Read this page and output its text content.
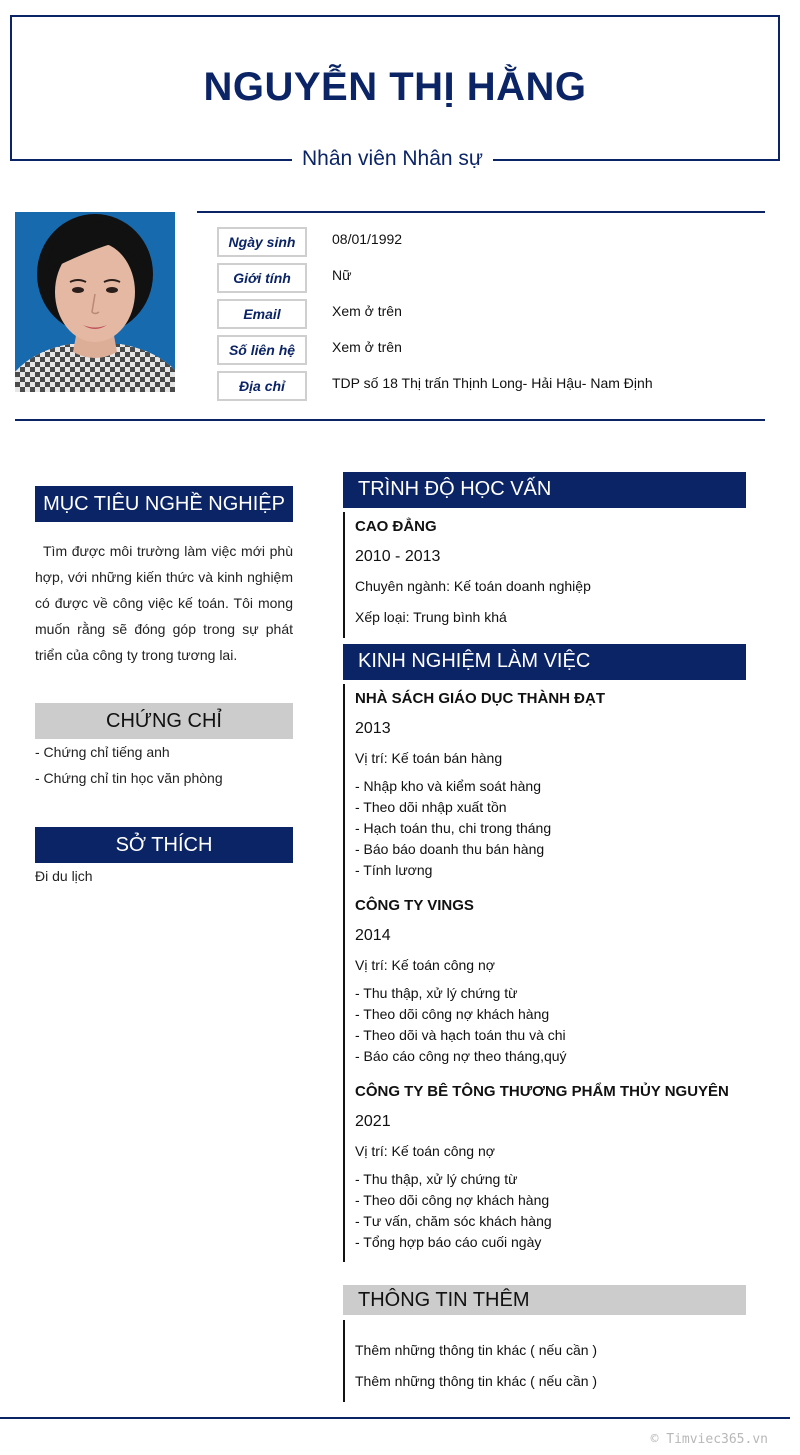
NGUYỄN THỊ HẰNG
Nhân viên Nhân sự
Ngày sinh	08/01/1992
Giới tính	Nữ
Email	Xem ở trên
Số liên hệ	Xem ở trên
Địa chỉ	TDP số 18 Thị trấn Thịnh Long- Hải Hậu- Nam Định
MỤC TIÊU NGHỀ NGHIỆP
Tìm được môi trường làm việc mới phù hợp, với những kiến thức và kinh nghiệm có được về công việc kế toán. Tôi mong muốn rằng sẽ đóng góp trong sự phát triển của công ty trong tương lai.
CHỨNG CHỈ
- Chứng chỉ tiếng anh
- Chứng chỉ tin học văn phòng
SỞ THÍCH
Đi du lịch
TRÌNH ĐỘ HỌC VẤN
CAO ĐẲNG
2010 - 2013
Chuyên ngành: Kế toán doanh nghiệp
Xếp loại: Trung bình khá
KINH NGHIỆM LÀM VIỆC
NHÀ SÁCH GIÁO DỤC THÀNH ĐẠT
2013
Vị trí: Kế toán bán hàng
- Nhập kho và kiểm soát hàng
- Theo dõi nhập xuất tồn
- Hạch toán thu, chi trong tháng
- Báo báo doanh thu bán hàng
- Tính lương
CÔNG TY VINGS
2014
Vị trí: Kế toán công nợ
- Thu thập, xử lý chứng từ
- Theo dõi công nợ khách hàng
- Theo dõi và hạch toán thu và chi
- Báo cáo công nợ theo tháng,quý
CÔNG TY BÊ TÔNG THƯƠNG PHẨM THỦY NGUYÊN
2021
Vị trí: Kế toán công nợ
- Thu thập, xử lý chứng từ
- Theo dõi công nợ khách hàng
- Tư vấn, chăm sóc khách hàng
- Tổng hợp báo cáo cuối ngày
THÔNG TIN THÊM
Thêm những thông tin khác ( nếu cần )
Thêm những thông tin khác ( nếu cần )
© Timviec365.vn
